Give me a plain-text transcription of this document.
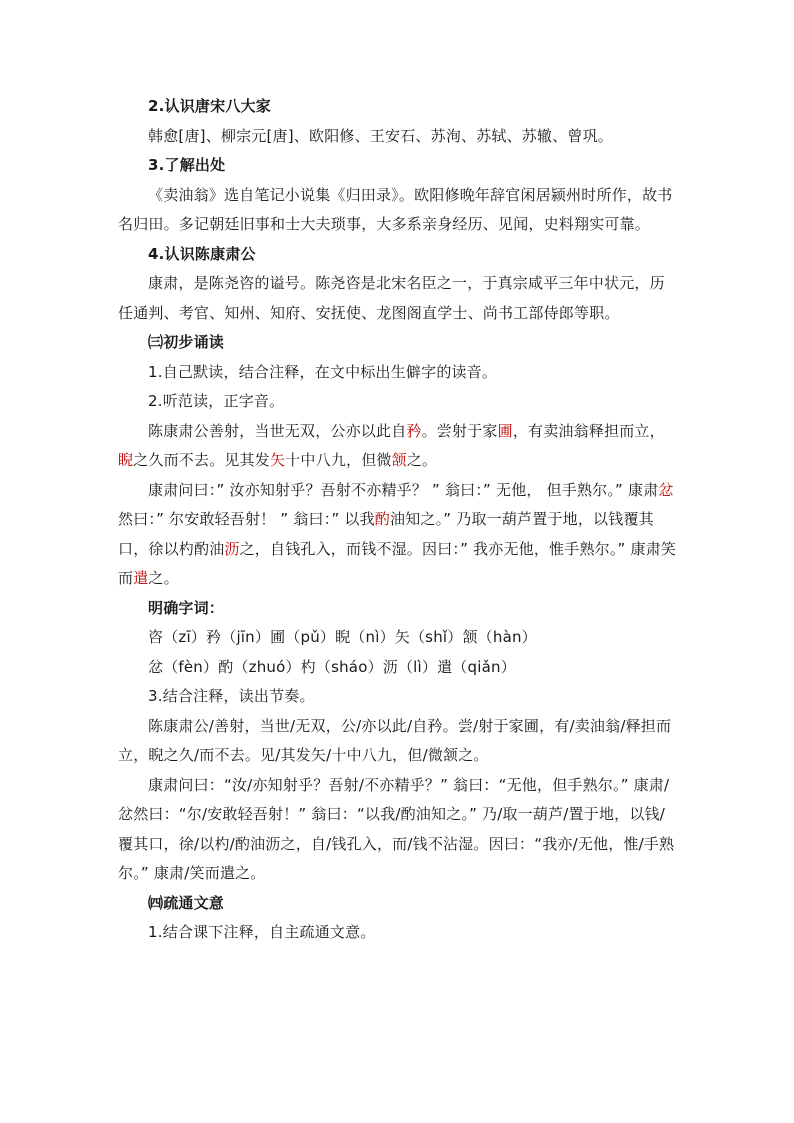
2.认识唐宋八大家

韩愈[唐]、柳宗元[唐]、欧阳修、王安石、苏洵、苏轼、苏辙、曾巩。

3.了解出处

《卖油翁》选自笔记小说集《归田录》。欧阳修晚年辞官闲居颍州时所作，故书名归田。多记朝廷旧事和士大夫琐事，大多系亲身经历、见闻，史料翔实可靠。

4.认识陈康肃公

康肃，是陈尧咨的谥号。陈尧咨是北宋名臣之一，于真宗咸平三年中状元，历任通判、考官、知州、知府、安抚使、龙图阁直学士、尚书工部侍郎等职。

㈢初步诵读

1.自己默读，结合注释，在文中标出生僻字的读音。

2.听范读，正字音。

陈康肃公善射，当世无双，公亦以此自矜。尝射于家圃，有卖油翁释担而立，睨之久而不去。见其发矢十中八九，但微颔之。

康肃问曰：” 汝亦知射乎？吾射不亦精乎？ ” 翁曰：” 无他， 但手熟尔。” 康肃忿然曰：” 尔安敢轻吾射！ ” 翁曰：” 以我酌油知之。” 乃取一葫芦置于地，以钱覆其口，徐以杓酌油沥之，自钱孔入，而钱不湿。因曰：” 我亦无他，惟手熟尔。” 康肃笑而遣之。

明确字词：

咨（zī）矜（jīn）圃（pǔ）睨（nì）矢（shǐ）颔（hàn）

忿（fèn）酌（zhuó）杓（sháo）沥（lì）遣（qiǎn）

3.结合注释，读出节奏。

陈康肃公/善射，当世/无双，公/亦以此/自矜。尝/射于家圃，有/卖油翁/释担而立，睨之久/而不去。见/其发矢/十中八九，但/微颔之。

康肃问曰：“汝/亦知射乎？吾射/不亦精乎？” 翁曰：“无他，但手熟尔。” 康肃/忿然曰：“尔/安敢轻吾射！” 翁曰：“以我/酌油知之。” 乃/取一葫芦/置于地，以钱/覆其口，徐/以杓/酌油沥之，自/钱孔入，而/钱不沾湿。因曰：“我亦/无他，惟/手熟尔。” 康肃/笑而遣之。

㈣疏通文意

1.结合课下注释，自主疏通文意。
